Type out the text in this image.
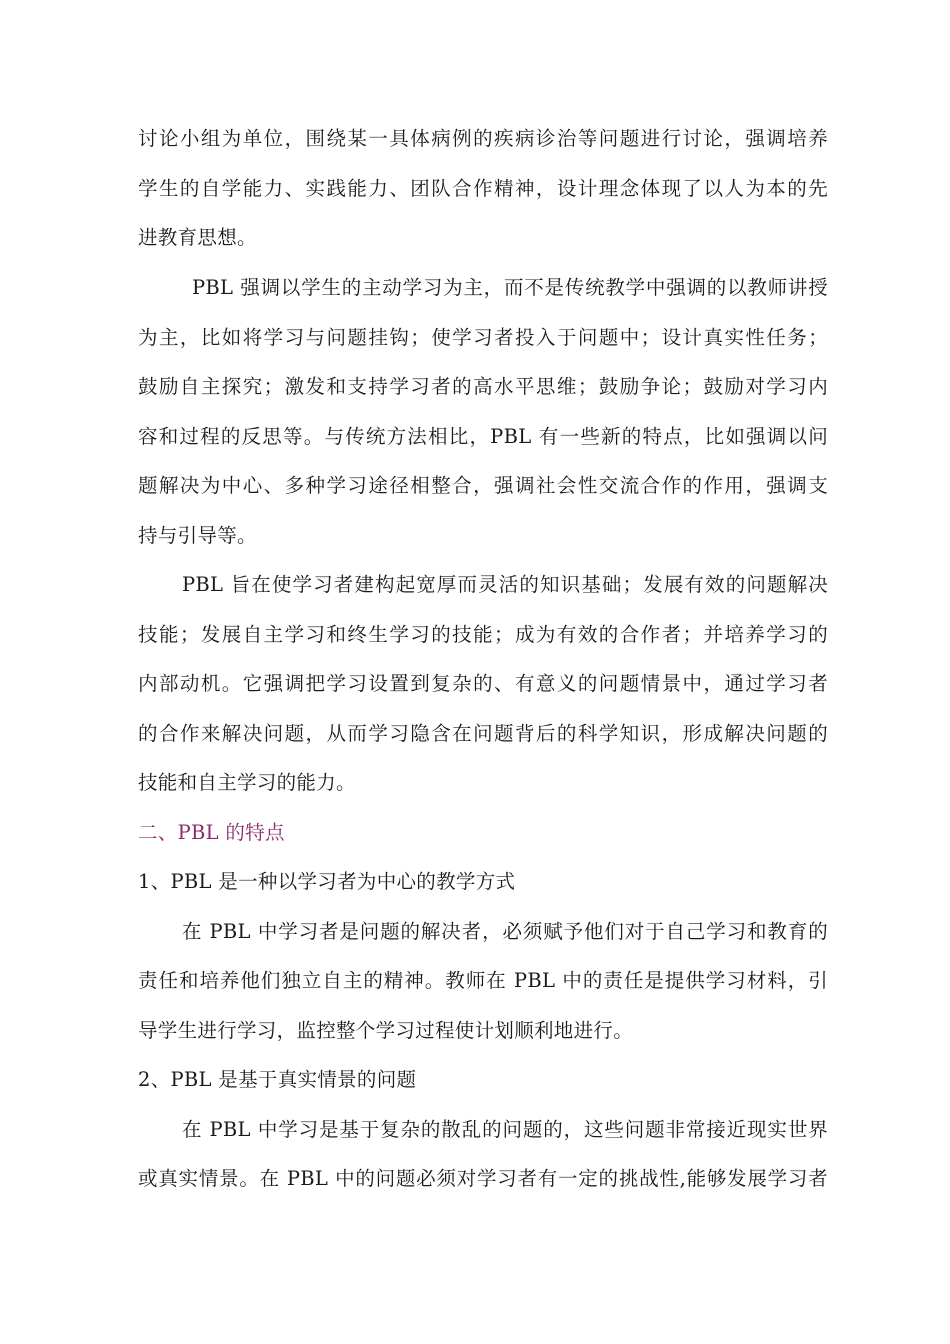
讨论小组为单位，围绕某一具体病例的疾病诊治等问题进行讨论，强调培养
学生的自学能力、实践能力、团队合作精神，设计理念体现了以人为本的先
进教育思想。
PBL 强调以学生的主动学习为主，而不是传统教学中强调的以教师讲授
为主，比如将学习与问题挂钩；使学习者投入于问题中；设计真实性任务；
鼓励自主探究；激发和支持学习者的高水平思维；鼓励争论；鼓励对学习内
容和过程的反思等。与传统方法相比，PBL 有一些新的特点，比如强调以问
题解决为中心、多种学习途径相整合，强调社会性交流合作的作用，强调支
持与引导等。
PBL 旨在使学习者建构起宽厚而灵活的知识基础；发展有效的问题解决
技能；发展自主学习和终生学习的技能；成为有效的合作者；并培养学习的
内部动机。它强调把学习设置到复杂的、有意义的问题情景中，通过学习者
的合作来解决问题，从而学习隐含在问题背后的科学知识，形成解决问题的
技能和自主学习的能力。
二、PBL 的特点
1、PBL 是一种以学习者为中心的教学方式
在 PBL 中学习者是问题的解决者，必须赋予他们对于自己学习和教育的
责任和培养他们独立自主的精神。教师在 PBL 中的责任是提供学习材料，引
导学生进行学习，监控整个学习过程使计划顺利地进行。
2、PBL 是基于真实情景的问题
在 PBL 中学习是基于复杂的散乱的问题的，这些问题非常接近现实世界
或真实情景。在 PBL 中的问题必须对学习者有一定的挑战性,能够发展学习者
